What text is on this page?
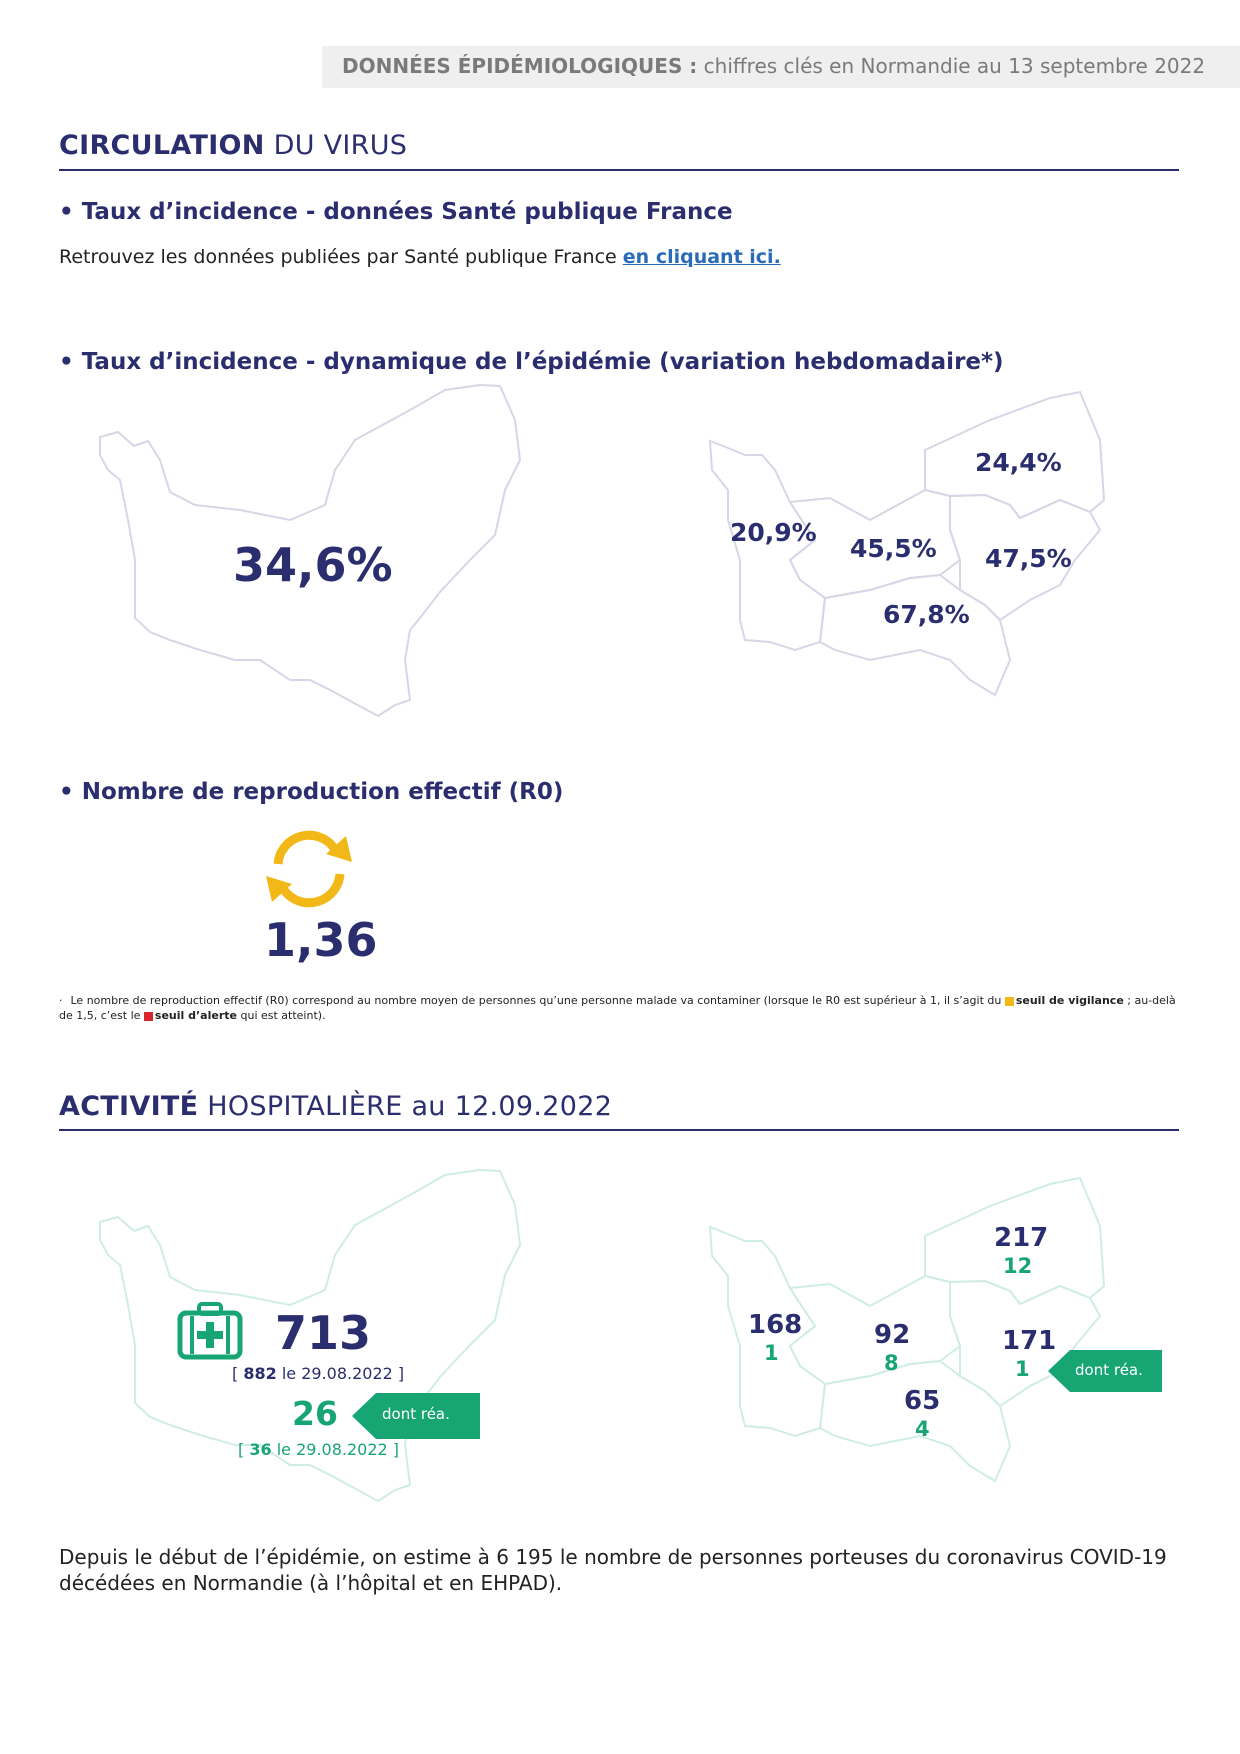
DONNÉES ÉPIDÉMIOLOGIQUES : chiffres clés en Normandie au 13 septembre 2022
CIRCULATION DU VIRUS
• Taux d’incidence - données Santé publique France
Retrouvez les données publiées par Santé publique France en cliquant ici.
• Taux d’incidence - dynamique de l’épidémie (variation hebdomadaire*)
34,6%
20,9%
45,5%
67,8%
47,5%
24,4%
• Nombre de reproduction effectif (R0)
1,36
· Le nombre de reproduction effectif (R0) correspond au nombre moyen de personnes qu’une personne malade va contaminer (lorsque le R0 est supérieur à 1, il s’agit du seuil de vigilance ; au-delà de 1,5, c’est le seuil d’alerte qui est atteint).
ACTIVITÉ HOSPITALIÈRE au 12.09.2022
713
[ 882 le 29.08.2022 ]
26
[ 36 le 29.08.2022 ]
dont réa.
217
12
168
1
92
8
171
1
65
4
dont réa.
Depuis le début de l’épidémie, on estime à 6 195 le nombre de personnes porteuses du coronavirus COVID-19 décédées en Normandie (à l’hôpital et en EHPAD).
